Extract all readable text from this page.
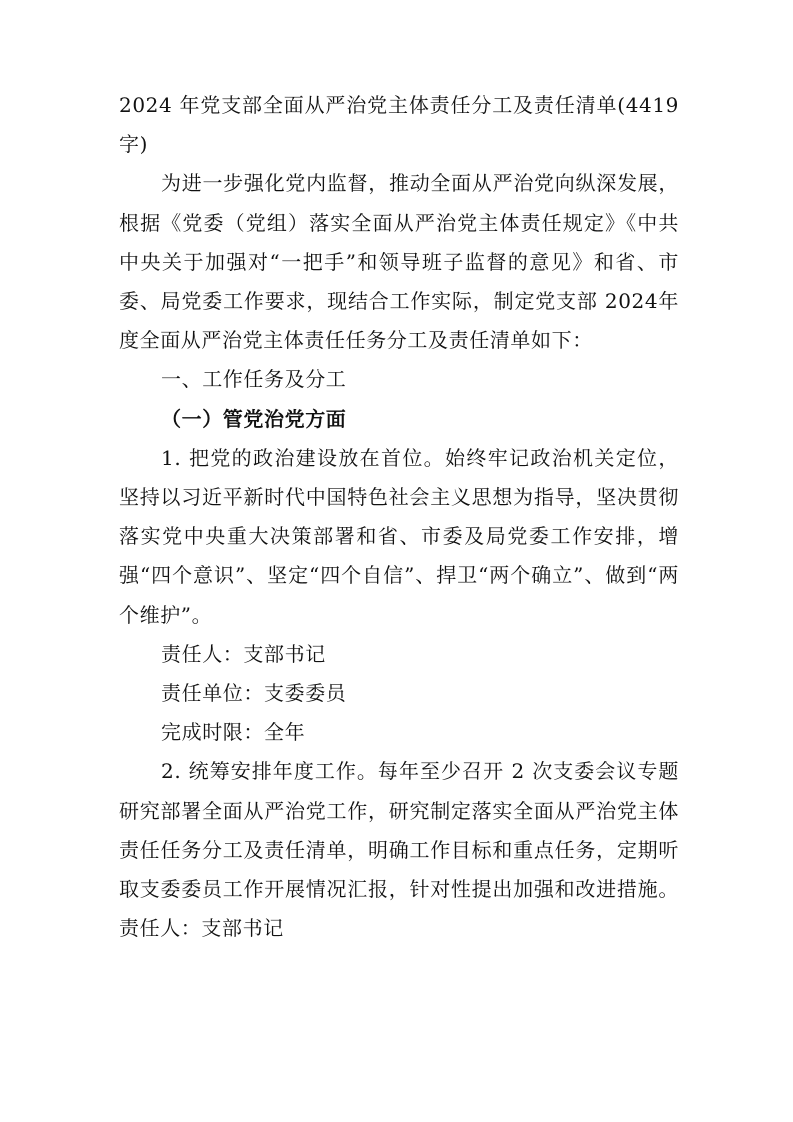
2024 年党支部全面从严治党主体责任分工及责任清单(4419字)

为进一步强化党内监督，推动全面从严治党向纵深发展，根据《党委（党组）落实全面从严治党主体责任规定》《中共中央关于加强对“一把手”和领导班子监督的意见》和省、市委、局党委工作要求，现结合工作实际，制定党支部 2024年度全面从严治党主体责任任务分工及责任清单如下：

一、工作任务及分工

（一）管党治党方面

1. 把党的政治建设放在首位。始终牢记政治机关定位，坚持以习近平新时代中国特色社会主义思想为指导，坚决贯彻落实党中央重大决策部署和省、市委及局党委工作安排，增强“四个意识”、坚定“四个自信”、捍卫“两个确立”、做到“两个维护”。

责任人：支部书记

责任单位：支委委员

完成时限：全年

2. 统筹安排年度工作。每年至少召开 2 次支委会议专题研究部署全面从严治党工作，研究制定落实全面从严治党主体责任任务分工及责任清单，明确工作目标和重点任务，定期听取支委委员工作开展情况汇报，针对性提出加强和改进措施。责任人：支部书记
